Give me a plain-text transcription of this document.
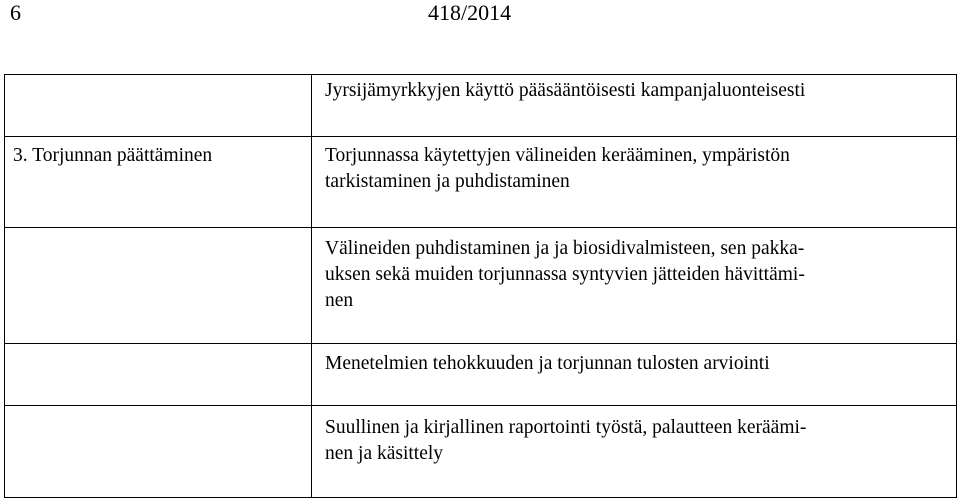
6	418/2014
	Jyrsijämyrkkyjen käyttö pääsääntöisesti kampanjaluonteisesti
3. Torjunnan päättäminen	Torjunnassa käytettyjen välineiden kerääminen, ympäristön
tarkistaminen ja puhdistaminen
	Välineiden puhdistaminen ja ja biosidivalmisteen, sen pakka-
uksen sekä muiden torjunnassa syntyvien jätteiden hävittämi-
nen
	Menetelmien tehokkuuden ja torjunnan tulosten arviointi
	Suullinen ja kirjallinen raportointi työstä, palautteen keräämi-
nen ja käsittely
